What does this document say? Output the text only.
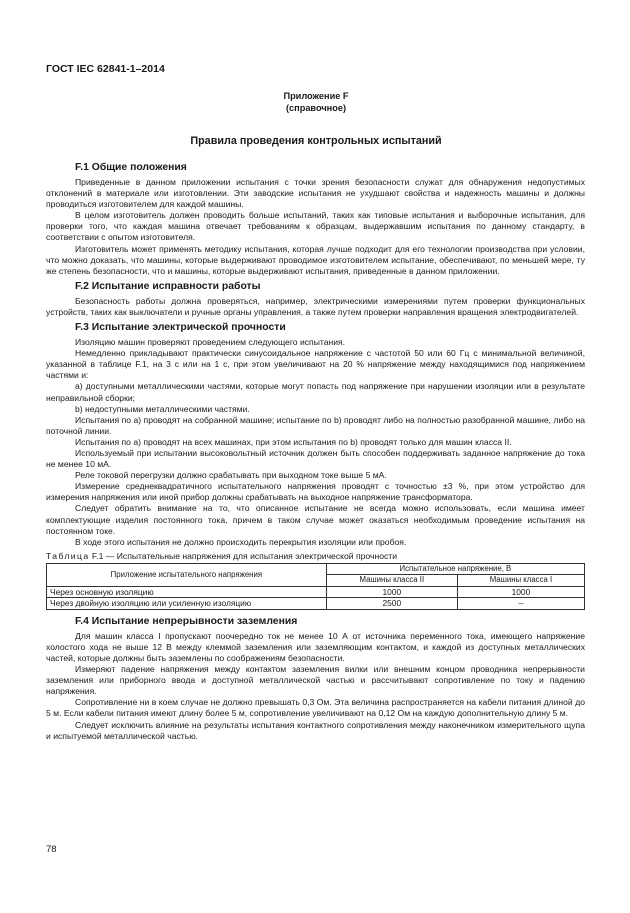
ГОСТ IEC 62841-1–2014
Приложение F
(справочное)
Правила проведения контрольных испытаний
F.1 Общие положения

Приведенные в данном приложении испытания с точки зрения безопасности служат для обнаружения недопустимых отклонений в материале или изготовлении. Эти заводские испытания не ухудшают свойства и надежность машины и должны проводиться изготовителем для каждой машины.

В целом изготовитель должен проводить больше испытаний, таких как типовые испытания и выборочные испытания, для проверки того, что каждая машина отвечает требованиям к образцам, выдержавшим испытания по данному стандарту, в соответствии с опытом изготовителя.

Изготовитель может применять методику испытания, которая лучше подходит для его технологии производства при условии, что можно доказать, что машины, которые выдерживают проводимое изготовителем испытание, обеспечивают, по меньшей мере, ту же степень безопасности, что и машины, которые выдерживают испытания, приведенные в данном приложении.

F.2 Испытание исправности работы

Безопасность работы должна проверяться, например, электрическими измерениями путем проверки функциональных устройств, таких как выключатели и ручные органы управления, а также путем проверки направления вращения электродвигателей.

F.3 Испытание электрической прочности

Изоляцию машин проверяют проведением следующего испытания.

Немедленно прикладывают практически синусоидальное напряжение с частотой 50 или 60 Гц с минимальной величиной, указанной в таблице F.1, на 3 с или на 1 с, при этом увеличивают на 20 % напряжение между находящимися под напряжением частями и:

a) доступными металлическими частями, которые могут попасть под напряжение при нарушении изоляции или в результате неправильной сборки;

b) недоступными металлическими частями.

Испытания по a) проводят на собранной машине; испытание по b) проводят либо на полностью разобранной машине, либо на поточной линии.

Испытания по a) проводят на всех машинах, при этом испытания по b) проводят только для машин класса II.

Используемый при испытании высоковольтный источник должен быть способен поддерживать заданное напряжение до тока не менее 10 мА.

Реле токовой перегрузки должно срабатывать при выходном токе выше 5 мА.

Измерение среднеквадратичного испытательного напряжения проводят с точностью ±3 %, при этом устройство для измерения напряжения или иной прибор должны срабатывать на выходное напряжение трансформатора.

Следует обратить внимание на то, что описанное испытание не всегда можно использовать, если машина имеет комплектующие изделия постоянного тока, причем в таком случае может оказаться необходимым проведение испытания на постоянном токе.

В ходе этого испытания не должно происходить перекрытия изоляции или пробоя.

Таблица F.1 — Испытательные напряжения для испытания электрической прочности
Приложение испытательного напряжения	Испытательное напряжение, В	
	Машины класса II	Машины класса I
Через основную изоляцию	1000	1000
Через двойную изоляцию или усиленную изоляцию	2500	–
F.4 Испытание непрерывности заземления

Для машин класса I пропускают поочередно ток не менее 10 А от источника переменного тока, имеющего напряжение холостого хода не выше 12 В между клеммой заземления или заземляющим контактом, и каждой из доступных металлических частей, которые должны быть заземлены по соображениям безопасности.

Измеряют падение напряжения между контактом заземления вилки или внешним концом проводника непрерывности заземления или приборного ввода и доступной металлической частью и рассчитывают сопротивление по току и падению напряжения.

Сопротивление ни в коем случае не должно превышать 0,3 Ом. Эта величина распространяется на кабели питания длиной до 5 м. Если кабели питания имеют длину более 5 м, сопротивление увеличивают на 0,12 Ом на каждую дополнительную длину 5 м.

Следует исключить влияние на результаты испытания контактного сопротивления между наконечником измерительного щупа и испытуемой металлической частью.

78
